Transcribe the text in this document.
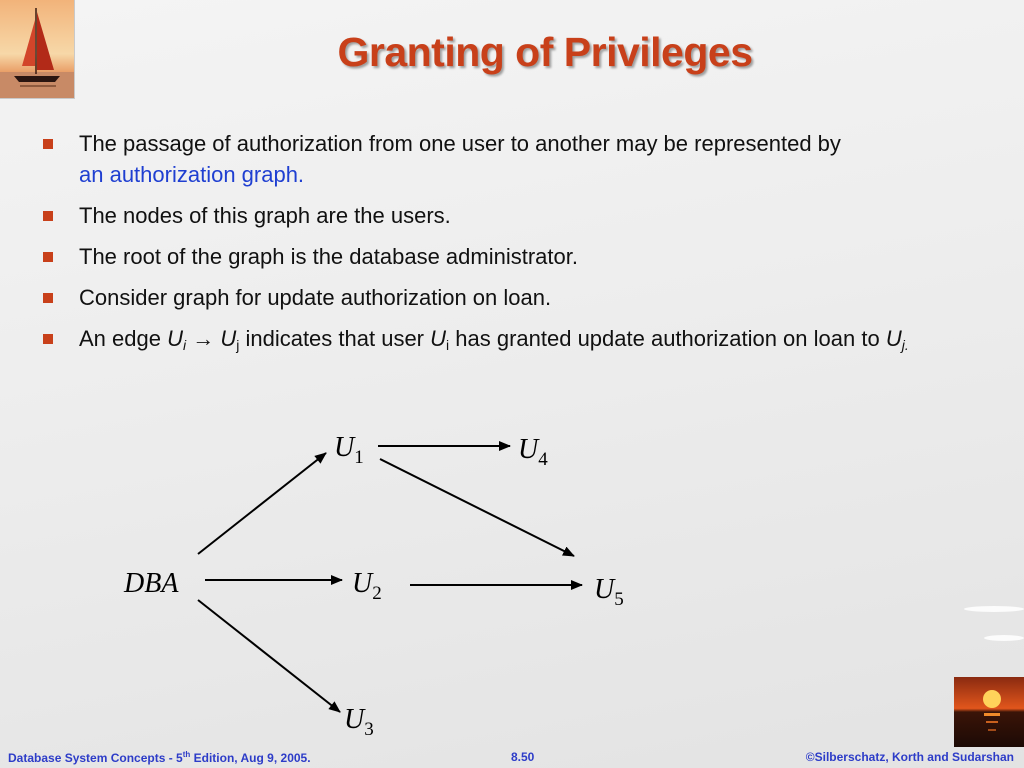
Granting of Privileges
The passage of authorization from one user to another may be represented by
an authorization graph.
The nodes of this graph are the users.
The root of the graph is the database administrator.
Consider graph for update authorization on loan.
An edge $U_i \to U_j$ indicates that user $U_i$ has granted update authorization on loan to $U_{j.}$
DBA
$U_1$
$U_2$
$U_3$
$U_4$
$U_5$
Database System Concepts - 5th Edition, Aug 9, 2005.	8.50	©Silberschatz, Korth and Sudarshan
